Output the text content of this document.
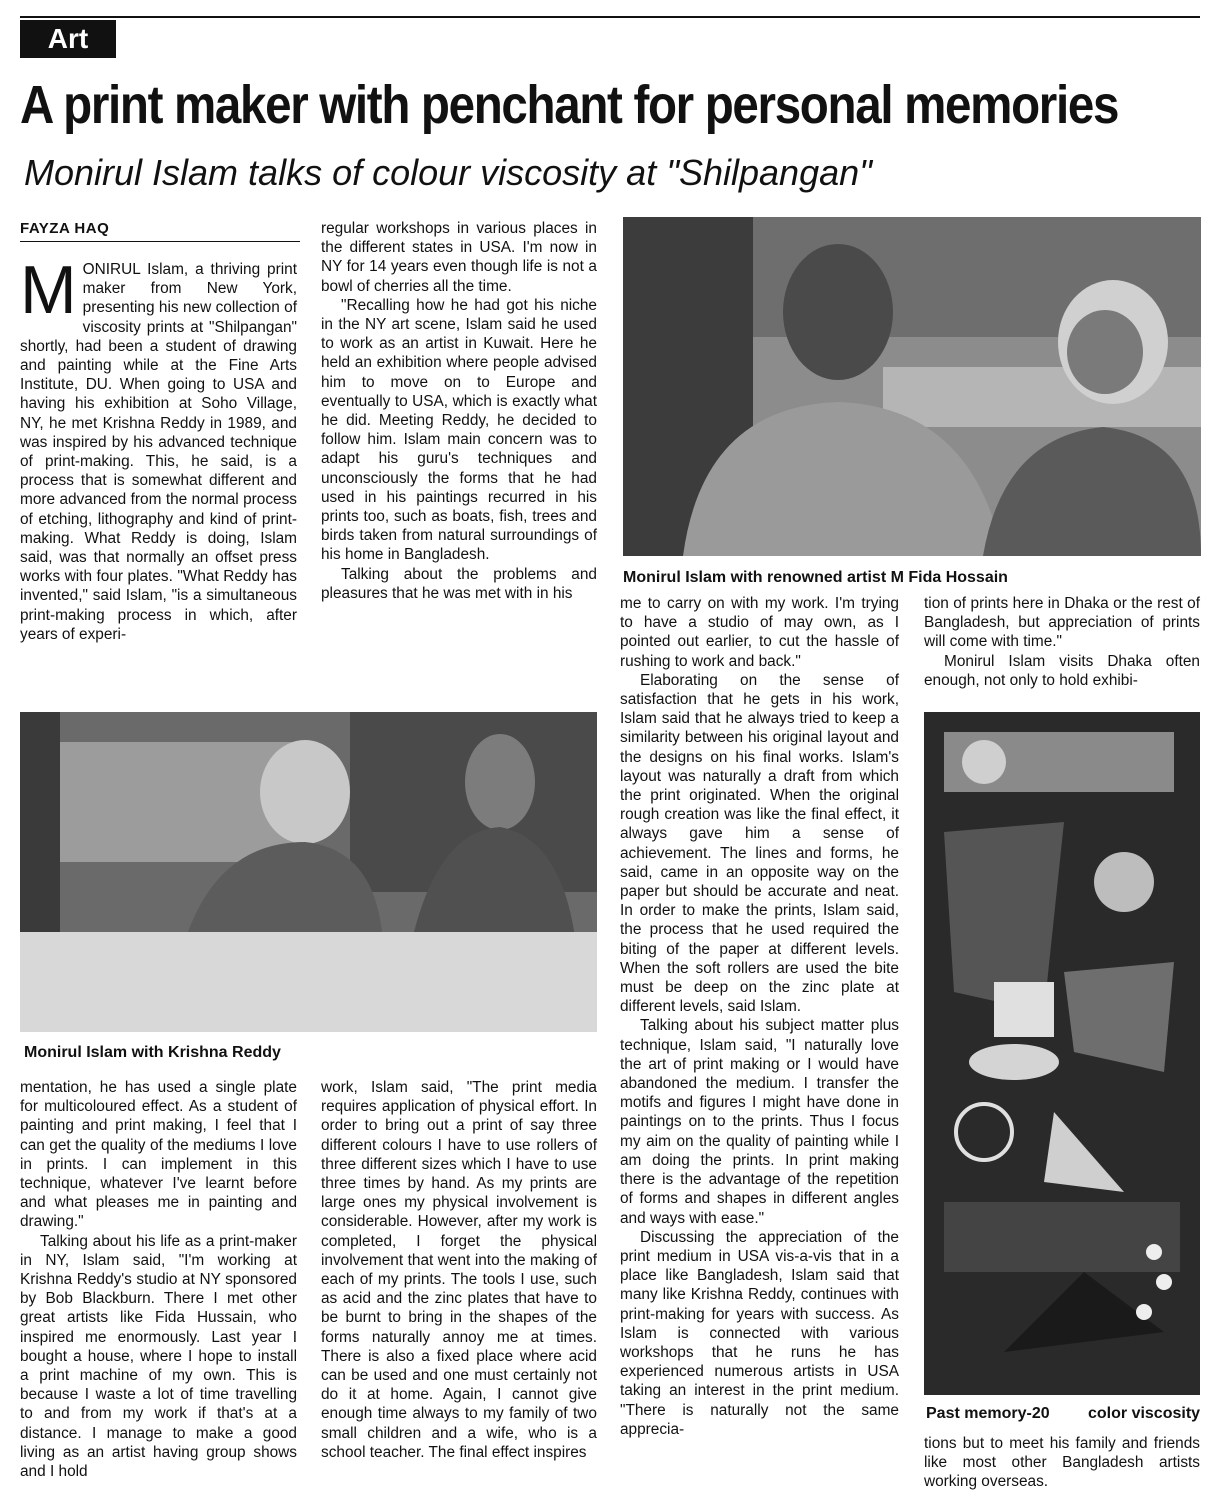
Art
A print maker with penchant for personal memories
Monirul Islam talks of colour viscosity at "Shilpangan"
FAYZA HAQ

MONIRUL Islam, a thriving print maker from New York, presenting his new collection of viscosity prints at "Shilpangan" shortly, had been a student of drawing and painting while at the Fine Arts Institute, DU. When going to USA and having his exhibition at Soho Village, NY, he met Krishna Reddy in 1989, and was inspired by his advanced technique of print-making. This, he said, is a process that is somewhat different and more advanced from the normal process of etching, lithography and kind of print-making. What Reddy is doing, Islam said, was that normally an offset press works with four plates. "What Reddy has invented," said Islam, "is a simultaneous print-making process in which, after years of experi-

regular workshops in various places in the different states in USA. I'm now in NY for 14 years even though life is not a bowl of cherries all the time.

"Recalling how he had got his niche in the NY art scene, Islam said he used to work as an artist in Kuwait. Here he held an exhibition where people advised him to move on to Europe and eventually to USA, which is exactly what he did. Meeting Reddy, he decided to follow him. Islam main concern was to adapt his guru's techniques and unconsciously the forms that he had used in his paintings recurred in his prints too, such as boats, fish, trees and birds taken from natural surroundings of his home in Bangladesh.

Talking about the problems and pleasures that he was met with in his

Monirul Islam with renowned artist M Fida Hossain

me to carry on with my work. I'm trying to have a studio of may own, as I pointed out earlier, to cut the hassle of rushing to work and back."

Elaborating on the sense of satisfaction that he gets in his work, Islam said that he always tried to keep a similarity between his original layout and the designs on his final works. Islam's layout was naturally a draft from which the print originated. When the original rough creation was like the final effect, it always gave him a sense of achievement. The lines and forms, he said, came in an opposite way on the paper but should be accurate and neat. In order to make the prints, Islam said, the process that he used required the biting of the paper at different levels. When the soft rollers are used the bite must be deep on the zinc plate at different levels, said Islam.

Talking about his subject matter plus technique, Islam said, "I naturally love the art of print making or I would have abandoned the medium. I transfer the motifs and figures I might have done in paintings on to the prints. Thus I focus my aim on the quality of painting while I am doing the prints. In print making there is the advantage of the repetition of forms and shapes in different angles and ways with ease."

Discussing the appreciation of the print medium in USA vis-a-vis that in a place like Bangladesh, Islam said that many like Krishna Reddy, continues with print-making for years with success. As Islam is connected with various workshops that he runs he has experienced numerous artists in USA taking an interest in the print medium. "There is naturally not the same apprecia-

tion of prints here in Dhaka or the rest of Bangladesh, but appreciation of prints will come with time."

Monirul Islam visits Dhaka often enough, not only to hold exhibi-

Monirul Islam with Krishna Reddy
Past memory-20 color viscosity

tions but to meet his family and friends like most other Bangladesh artists working overseas.

mentation, he has used a single plate for multicoloured effect. As a student of painting and print making, I feel that I can get the quality of the mediums I love in prints. I can implement in this technique, whatever I've learnt before and what pleases me in painting and drawing."

Talking about his life as a print-maker in NY, Islam said, "I'm working at Krishna Reddy's studio at NY sponsored by Bob Blackburn. There I met other great artists like Fida Hussain, who inspired me enormously. Last year I bought a house, where I hope to install a print machine of my own. This is because I waste a lot of time travelling to and from my work if that's at a distance. I manage to make a good living as an artist having group shows and I hold

work, Islam said, "The print media requires application of physical effort. In order to bring out a print of say three different colours I have to use rollers of three different sizes which I have to use three times by hand. As my prints are large ones my physical involvement is considerable. However, after my work is completed, I forget the physical involvement that went into the making of each of my prints. The tools I use, such as acid and the zinc plates that have to be burnt to bring in the shapes of the forms naturally annoy me at times. There is also a fixed place where acid can be used and one must certainly not do it at home. Again, I cannot give enough time always to my family of two small children and a wife, who is a school teacher. The final effect inspires
